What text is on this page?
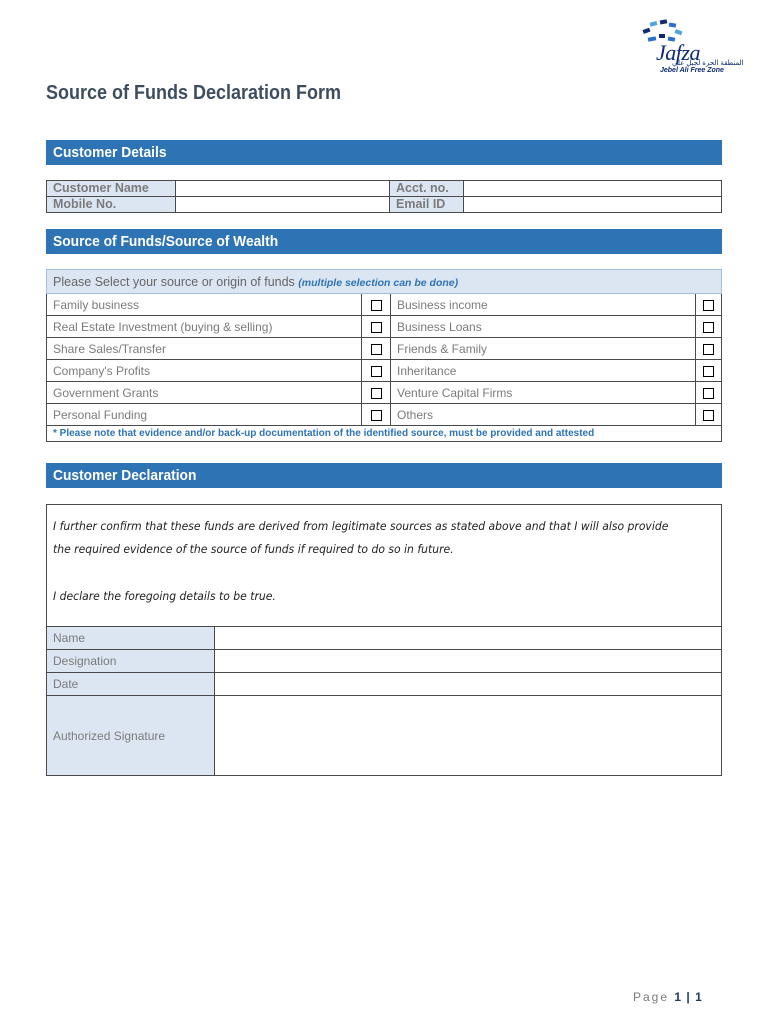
Jafza
المنطقة الحرة لجبل علي
Jebel Ali Free Zone
Source of Funds Declaration Form
Customer Details
Customer Name		Acct. no.	
Mobile No.		Email ID	
Source of Funds/Source of Wealth
Please Select your source or origin of funds (multiple selection can be done)			
Family business		Business income	
Real Estate Investment (buying & selling)		Business Loans	
Share Sales/Transfer		Friends & Family	
Company's Profits		Inheritance	
Government Grants		Venture Capital Firms	
Personal Funding		Others	
* Please note that evidence and/or back-up documentation of the identified source, must be provided and attested			
Customer Declaration

I further confirm that these funds are derived from legitimate sources as stated above and that I will also provide

the required evidence of the source of funds if required to do so in future.

I declare the foregoing details to be true.

Name	
Designation	
Date	
Authorized Signature	
Page 1 | 1
